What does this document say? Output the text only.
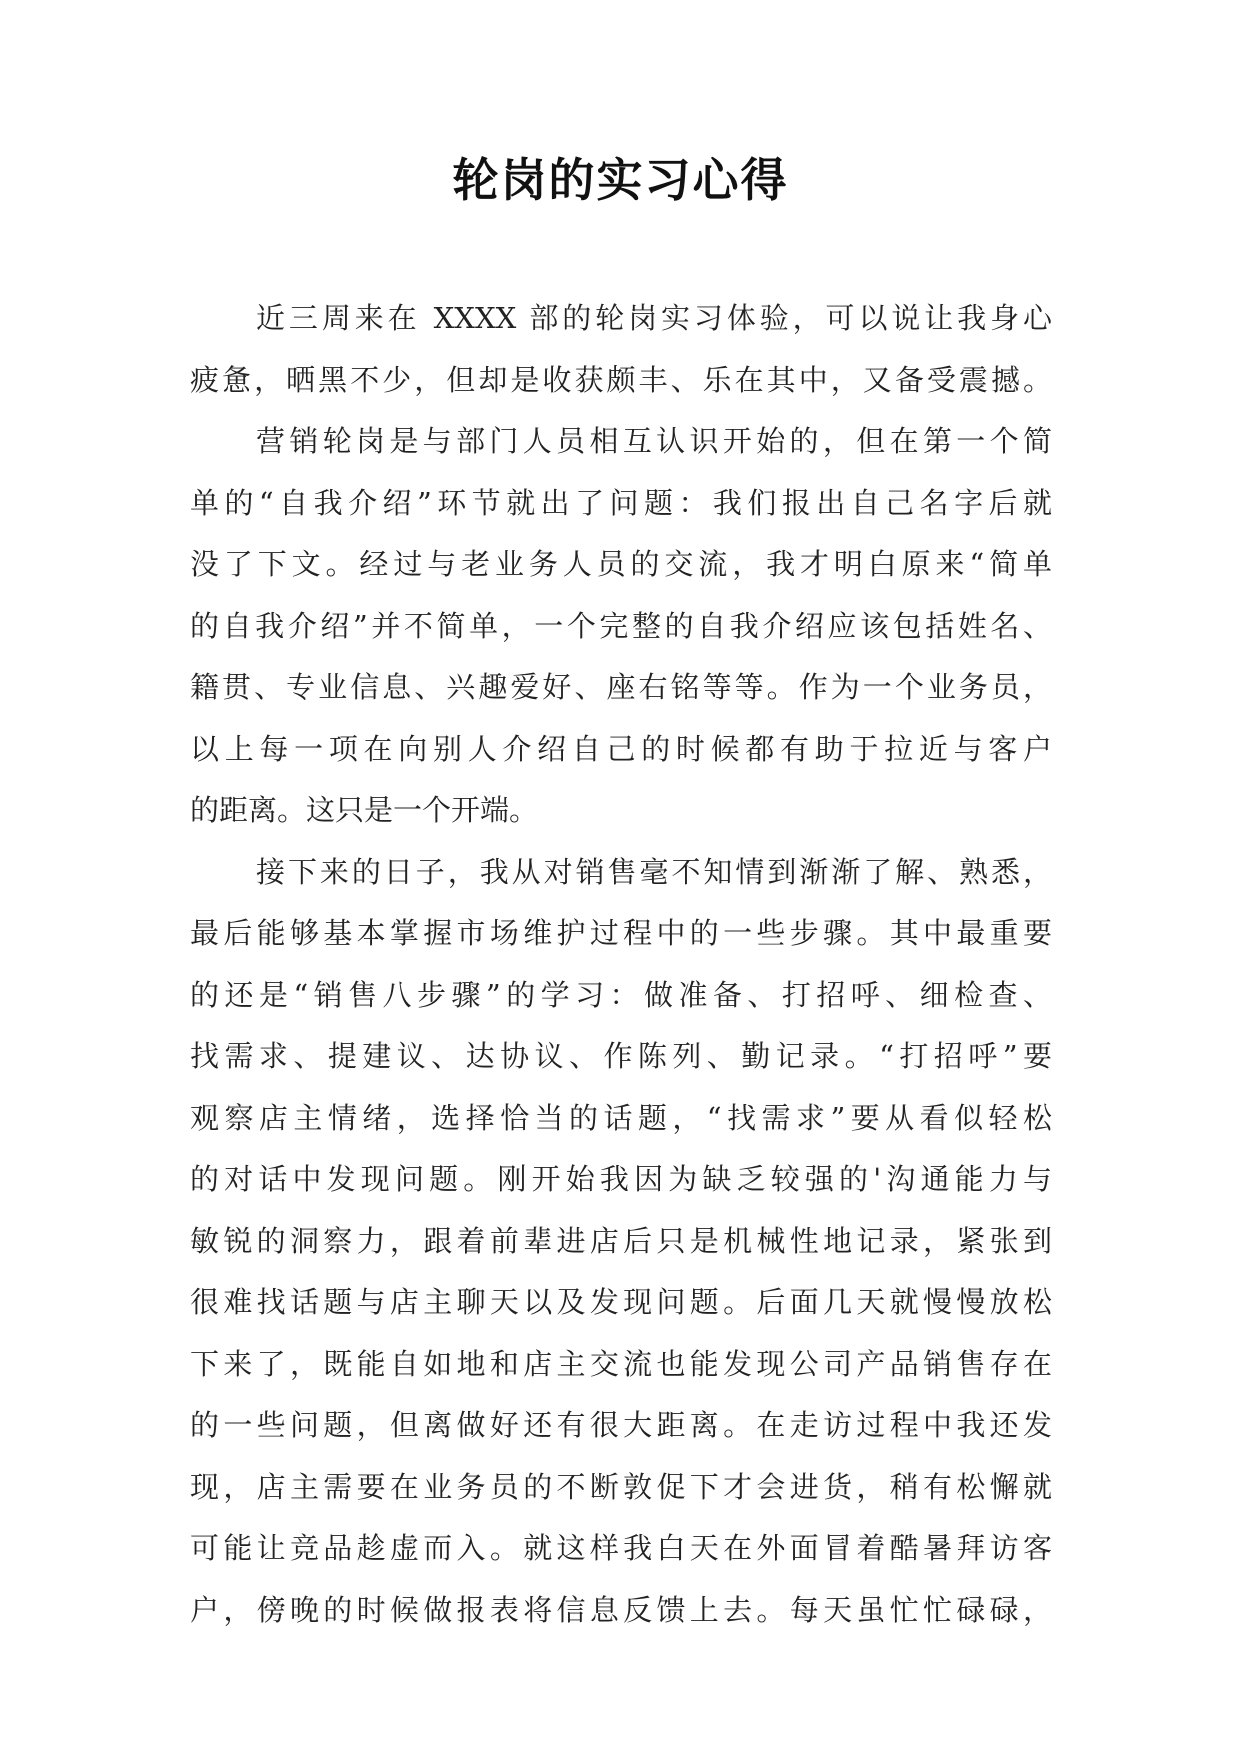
轮岗的实习心得
近三周来在 XXXX 部的轮岗实习体验，可以说让我身心
疲惫，晒黑不少，但却是收获颇丰、乐在其中，又备受震撼。
营销轮岗是与部门人员相互认识开始的，但在第一个简
单的“自我介绍”环节就出了问题：我们报出自己名字后就
没了下文。经过与老业务人员的交流，我才明白原来“简单
的自我介绍”并不简单，一个完整的自我介绍应该包括姓名、
籍贯、专业信息、兴趣爱好、座右铭等等。作为一个业务员，
以上每一项在向别人介绍自己的时候都有助于拉近与客户
的距离。这只是一个开端。
接下来的日子，我从对销售毫不知情到渐渐了解、熟悉，
最后能够基本掌握市场维护过程中的一些步骤。其中最重要
的还是“销售八步骤”的学习：做准备、打招呼、细检查、
找需求、提建议、达协议、作陈列、勤记录。“打招呼”要
观察店主情绪，选择恰当的话题，“找需求”要从看似轻松
的对话中发现问题。刚开始我因为缺乏较强的'沟通能力与
敏锐的洞察力，跟着前辈进店后只是机械性地记录，紧张到
很难找话题与店主聊天以及发现问题。后面几天就慢慢放松
下来了，既能自如地和店主交流也能发现公司产品销售存在
的一些问题，但离做好还有很大距离。在走访过程中我还发
现，店主需要在业务员的不断敦促下才会进货，稍有松懈就
可能让竞品趁虚而入。就这样我白天在外面冒着酷暑拜访客
户，傍晚的时候做报表将信息反馈上去。每天虽忙忙碌碌，
